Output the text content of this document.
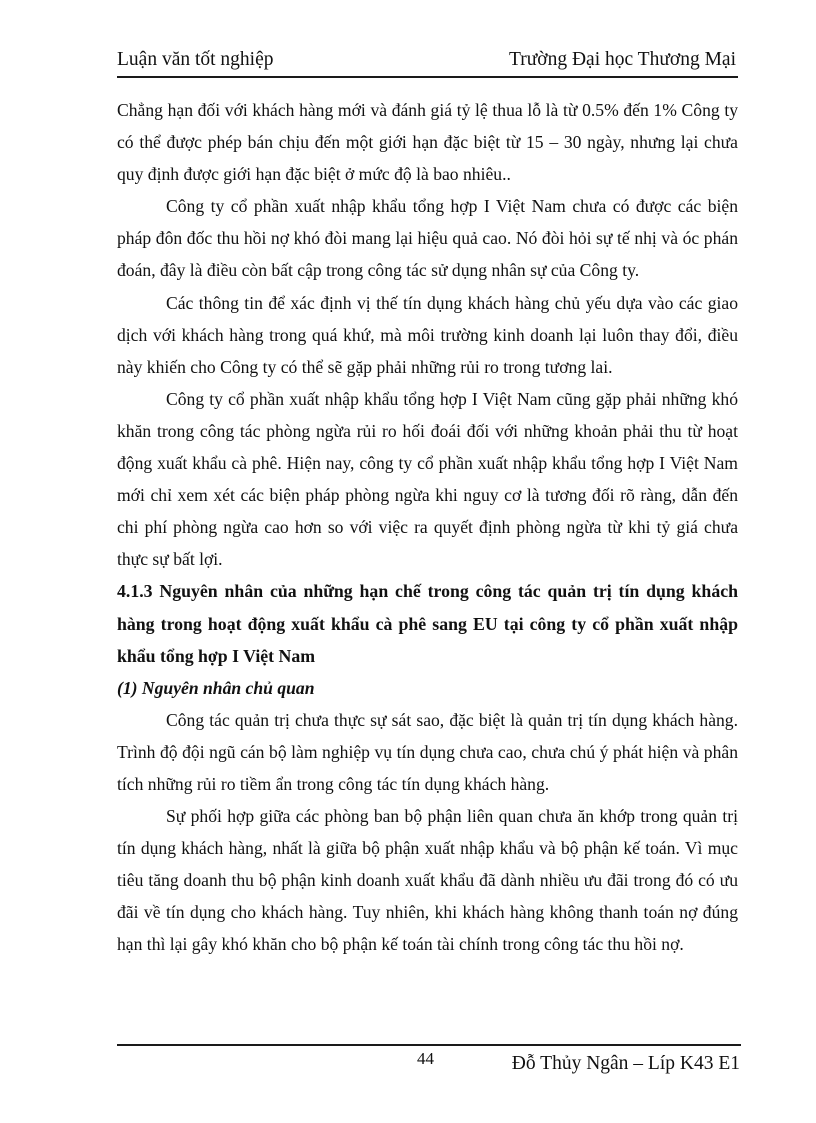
Luận văn tốt nghiệp	Trường Đại học Thương Mại

Chẳng hạn đối với khách hàng mới và đánh giá tỷ lệ thua lỗ là từ 0.5% đến 1% Công ty có thể được phép bán chịu đến một giới hạn đặc biệt từ 15 – 30 ngày, nhưng lại chưa quy định được giới hạn đặc biệt ở mức độ là bao nhiêu..

Công ty cổ phần xuất nhập khẩu tổng hợp I Việt Nam chưa có được các biện pháp đôn đốc thu hồi nợ khó đòi mang lại hiệu quả cao. Nó đòi hỏi sự tế nhị và óc phán đoán, đây là điều còn bất cập trong công tác sử dụng nhân sự của Công ty.

Các thông tin để xác định vị thế tín dụng khách hàng chủ yếu dựa vào các giao dịch với khách hàng trong quá khứ, mà môi trường kinh doanh lại luôn thay đổi, điều này khiến cho Công ty có thể sẽ gặp phải những rủi ro trong tương lai.

Công ty cổ phần xuất nhập khẩu tổng hợp I Việt Nam cũng gặp phải những khó khăn trong công tác phòng ngừa rủi ro hối đoái đối với những khoản phải thu từ hoạt động xuất khẩu cà phê. Hiện nay, công ty cổ phần xuất nhập khẩu tổng hợp I Việt Nam mới chỉ xem xét các biện pháp phòng ngừa khi nguy cơ là tương đối rõ ràng, dẫn đến chi phí phòng ngừa cao hơn so với việc ra quyết định phòng ngừa từ khi tỷ giá chưa thực sự bất lợi.

4.1.3 Nguyên nhân của những hạn chế trong công tác quản trị tín dụng khách hàng trong hoạt động xuất khẩu cà phê sang EU tại công ty cổ phần xuất nhập khẩu tổng hợp I Việt Nam

(1) Nguyên nhân chủ quan

Công tác quản trị chưa thực sự sát sao, đặc biệt là quản trị tín dụng khách hàng. Trình độ đội ngũ cán bộ làm nghiệp vụ tín dụng chưa cao, chưa chú ý phát hiện và phân tích những rủi ro tiềm ẩn trong công tác tín dụng khách hàng.

Sự phối hợp giữa các phòng ban bộ phận liên quan chưa ăn khớp trong quản trị tín dụng khách hàng, nhất là giữa bộ phận xuất nhập khẩu và bộ phận kế toán. Vì mục tiêu tăng doanh thu bộ phận kinh doanh xuất khẩu đã dành nhiều ưu đãi trong đó có ưu đãi về tín dụng cho khách hàng. Tuy nhiên, khi khách hàng không thanh toán nợ đúng hạn thì lại gây khó khăn cho bộ phận kế toán tài chính trong công tác thu hồi nợ.

44	Đỗ Thủy Ngân – Líp K43 E1
